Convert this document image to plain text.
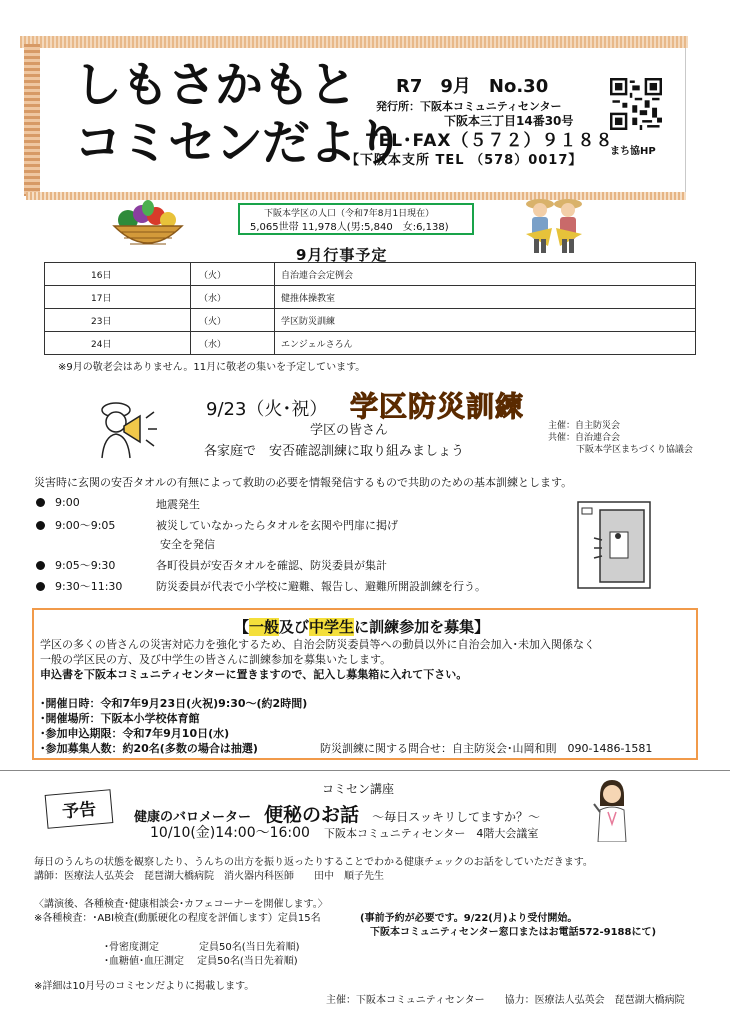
しもさかもと
コミセンだより
R7　9月　No.30
発行所：下阪本コミュニティセンター
下阪本三丁目14番30号
TEL･FAX（５７２）９１８８
【下阪本支所 TEL （578）0017】
まち協HP
下阪本学区の人口（令和7年8月1日現在）
5,065世帯 11,978人(男:5,840　女:6,138)
9月行事予定
16日	（火）	自治連合会定例会
17日	（水）	健推体操教室
23日	（火）	学区防災訓練
24日	（水）	エンジェルさろん
※9月の敬老会はありません。11月に敬老の集いを予定しています。
9/23（火･祝） 学区防災訓練
学区の皆さん
各家庭で　安否確認訓練に取り組みましょう
主催：自主防災会
共催：自治連合会
下阪本学区まちづくり協議会
災害時に玄関の安否タオルの有無によって救助の必要を情報発信するもので共助のための基本訓練とします。
9:00	地震発生
9:00～9:05	被災していなかったらタオルを玄関や門扉に掲げ
安全を発信
9:05～9:30	各町役員が安否タオルを確認、防災委員が集計
9:30～11:30	防災委員が代表で小学校に避難、報告し、避難所開設訓練を行う。
【一般及び中学生に訓練参加を募集】
学区の多くの皆さんの災害対応力を強化するため、自治会防災委員等への動員以外に自治会加入･未加入関係なく
一般の学区民の方、及び中学生の皆さんに訓練参加を募集いたします。
申込書を下阪本コミュニティセンターに置きますので、記入し募集箱に入れて下さい。
･開催日時：令和7年9月23日(火祝)9:30～(約2時間)
･開催場所：下阪本小学校体育館
･参加申込期限：令和7年9月10日(水)
･参加募集人数：約20名(多数の場合は抽選)	防災訓練に関する問合せ：自主防災会･山岡和則　090-1486-1581
予告
コミセン講座
健康のバロメーター　 便秘のお話　 ～毎日スッキリしてますか？～
10/10(金)14:00～16:00　 下阪本コミュニティセンター　4階大会議室
毎日のうんちの状態を観察したり、うんちの出方を振り返ったりすることでわかる健康チェックのお話をしていただきます。
講師：医療法人弘英会　琵琶湖大橋病院　消火器内科医師　　田中　順子先生
〈講演後、各種検査･健康相談会･カフェコーナーを開催します。〉
※各種検査：･ABI検査(動脈硬化の程度を評価します）定員15名	(事前予約が必要です。9/22(月)より受付開始。
下阪本コミュニティセンター窓口またはお電話572-9188にて)
･骨密度測定　　　　定員50名(当日先着順)
･血糖値･血圧測定　 定員50名(当日先着順)
※詳細は10月号のコミセンだよりに掲載します。
主催：下阪本コミュニティセンター　　協力：医療法人弘英会　琵琶湖大橋病院
